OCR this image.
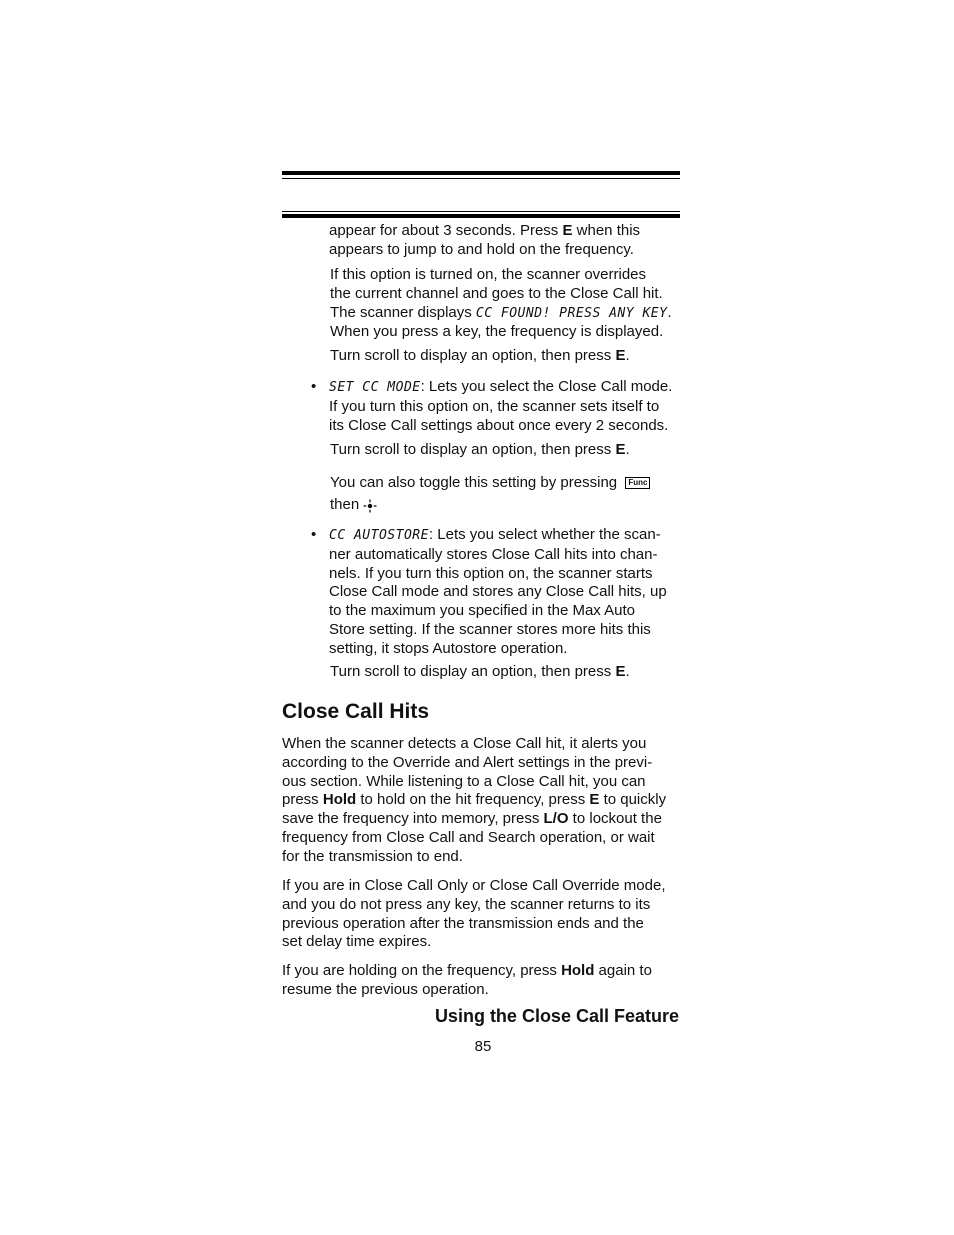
appear for about 3 seconds. Press E when this
appears to jump to and hold on the frequency.
If this option is turned on, the scanner overrides
the current channel and goes to the Close Call hit.
The scanner displays CC FOUND! PRESS ANY KEY.
When you press a key, the frequency is displayed.
Turn scroll to display an option, then press E.
• SET CC MODE: Lets you select the Close Call mode.
If you turn this option on, the scanner sets itself to
its Close Call settings about once every 2 seconds.
Turn scroll to display an option, then press E.
You can also toggle this setting by pressing Func
then
• CC AUTOSTORE: Lets you select whether the scan-
ner automatically stores Close Call hits into chan-
nels. If you turn this option on, the scanner starts
Close Call mode and stores any Close Call hits, up
to the maximum you specified in the Max Auto
Store setting. If the scanner stores more hits this
setting, it stops Autostore operation.
Turn scroll to display an option, then press E.
Close Call Hits
When the scanner detects a Close Call hit, it alerts you
according to the Override and Alert settings in the previ-
ous section. While listening to a Close Call hit, you can
press Hold to hold on the hit frequency, press E to quickly
save the frequency into memory, press L/O to lockout the
frequency from Close Call and Search operation, or wait
for the transmission to end.
If you are in Close Call Only or Close Call Override mode,
and you do not press any key, the scanner returns to its
previous operation after the transmission ends and the
set delay time expires.
If you are holding on the frequency, press Hold again to
resume the previous operation.
Using the Close Call Feature
85
